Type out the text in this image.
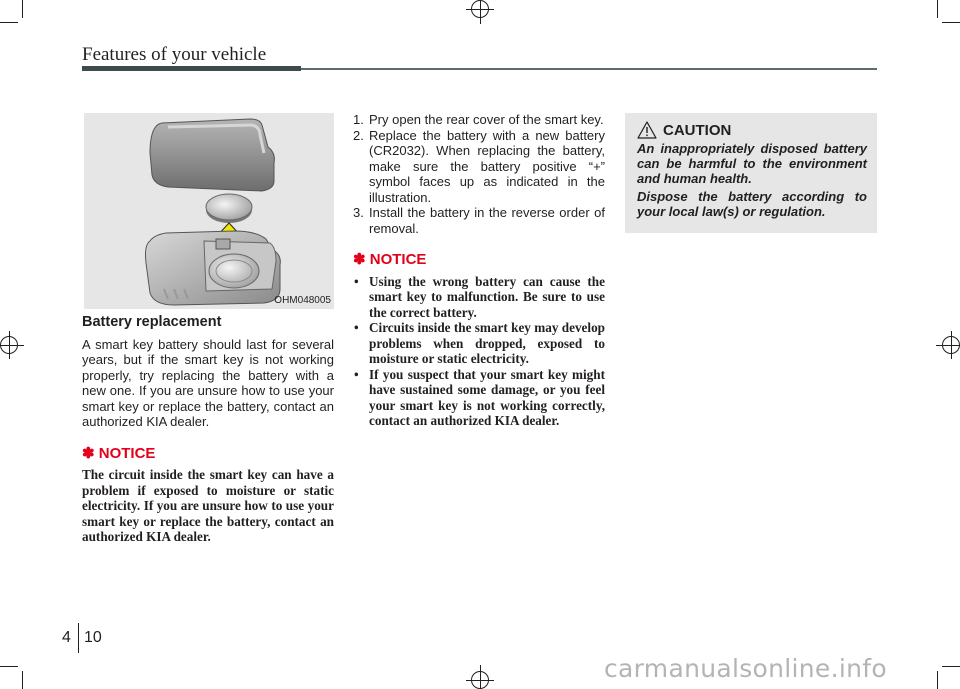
Features of your vehicle
OHM048005

Battery replacement

A smart key battery should last for several years, but if the smart key is not working properly, try replacing the battery with a new one. If you are unsure how to use your smart key or replace the battery, contact an authorized KIA dealer.

✽ NOTICE

The circuit inside the smart key can have a problem if exposed to moisture or static electricity. If you are unsure how to use your smart key or replace the battery, contact an authorized KIA dealer.

1. Pry open the rear cover of the smart key.
2. Replace the battery with a new battery (CR2032). When replacing the battery, make sure the battery positive “+” symbol faces up as indicated in the illustration.
3. Install the battery in the reverse order of removal.

✽ NOTICE

• Using the wrong battery can cause the smart key to malfunction. Be sure to use the correct battery.
• Circuits inside the smart key may develop problems when dropped, exposed to moisture or static electricity.
• If you suspect that your smart key might have sustained some damage, or you feel your smart key is not working correctly, contact an authorized KIA dealer.
CAUTION

An inappropriately disposed battery can be harmful to the environment and human health.

Dispose the battery according to your local law(s) or regulation.

4 10
carmanualsonline.info
